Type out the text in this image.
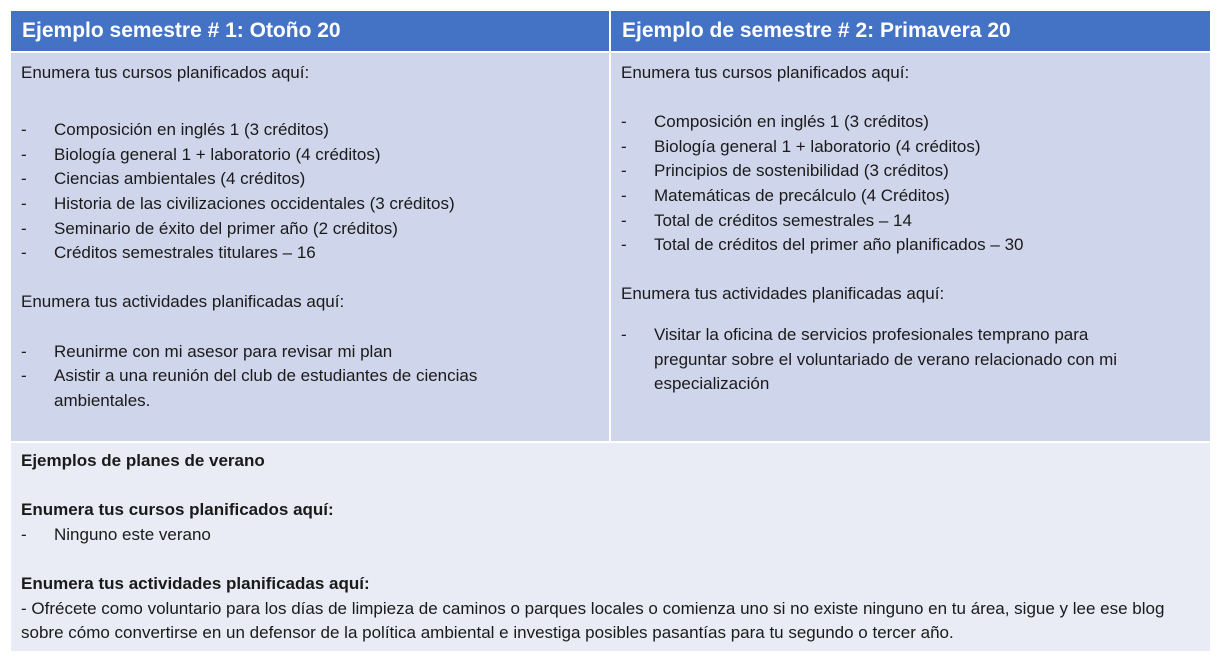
Ejemplo semestre # 1: Otoño 20	Ejemplo de semestre # 2: Primavera 20
Enumera tus cursos planificados aquí:
- Composición en inglés 1 (3 créditos)
- Biología general 1 + laboratorio (4 créditos)
- Ciencias ambientales (4 créditos)
- Historia de las civilizaciones occidentales (3 créditos)
- Seminario de éxito del primer año (2 créditos)
- Créditos semestrales titulares – 16
Enumera tus actividades planificadas aquí:
- Reunirme con mi asesor para revisar mi plan
- Asistir a una reunión del club de estudiantes de ciencias ambientales.
Enumera tus cursos planificados aquí:
- Composición en inglés 1 (3 créditos)
- Biología general 1 + laboratorio (4 créditos)
- Principios de sostenibilidad (3 créditos)
- Matemáticas de precálculo (4 Créditos)
- Total de créditos semestrales – 14
- Total de créditos del primer año planificados – 30
Enumera tus actividades planificadas aquí:
- Visitar la oficina de servicios profesionales temprano para preguntar sobre el voluntariado de verano relacionado con mi especialización
Ejemplos de planes de verano
Enumera tus cursos planificados aquí:
- Ninguno este verano
Enumera tus actividades planificadas aquí:
- Ofrécete como voluntario para los días de limpieza de caminos o parques locales o comienza uno si no existe ninguno en tu área, sigue y lee ese blog sobre cómo convertirse en un defensor de la política ambiental e investiga posibles pasantías para tu segundo o tercer año.
